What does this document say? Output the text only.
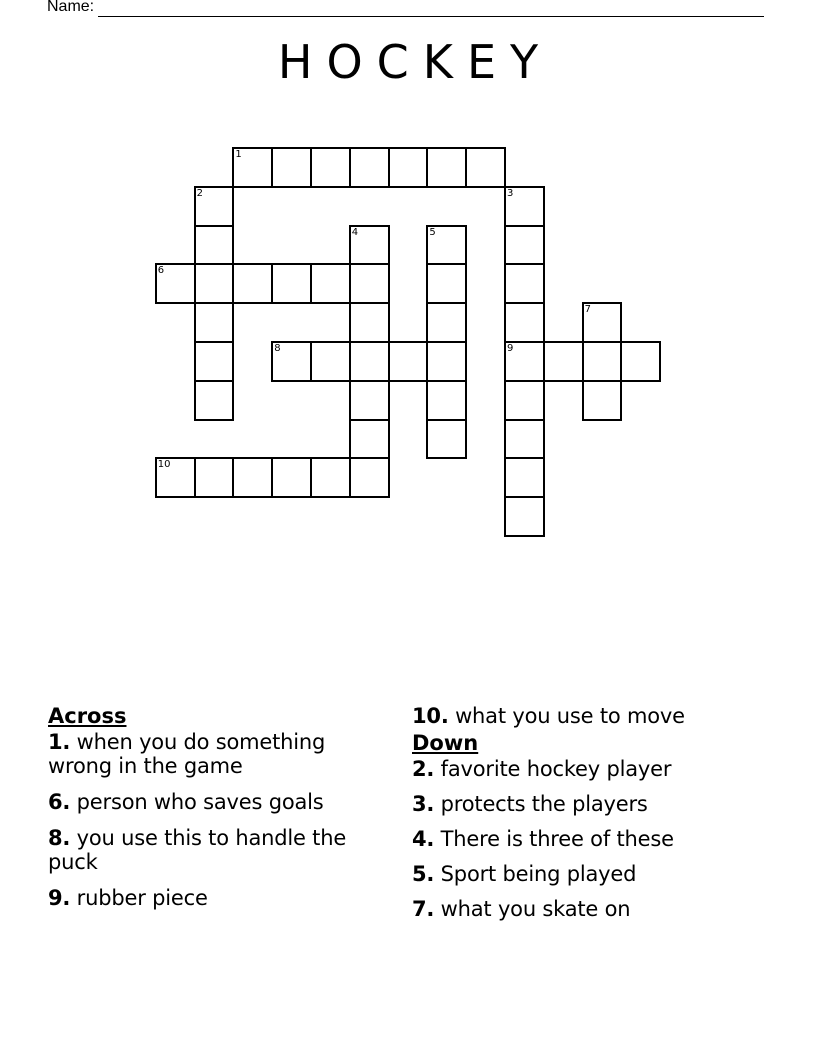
Name:
HOCKEY
1
2	3
4	5
6
7
8	9
10
Across
1. when you do something wrong in the game
6. person who saves goals
8. you use this to handle the puck
9. rubber piece
10. what you use to move
Down
2. favorite hockey player
3. protects the players
4. There is three of these
5. Sport being played
7. what you skate on
